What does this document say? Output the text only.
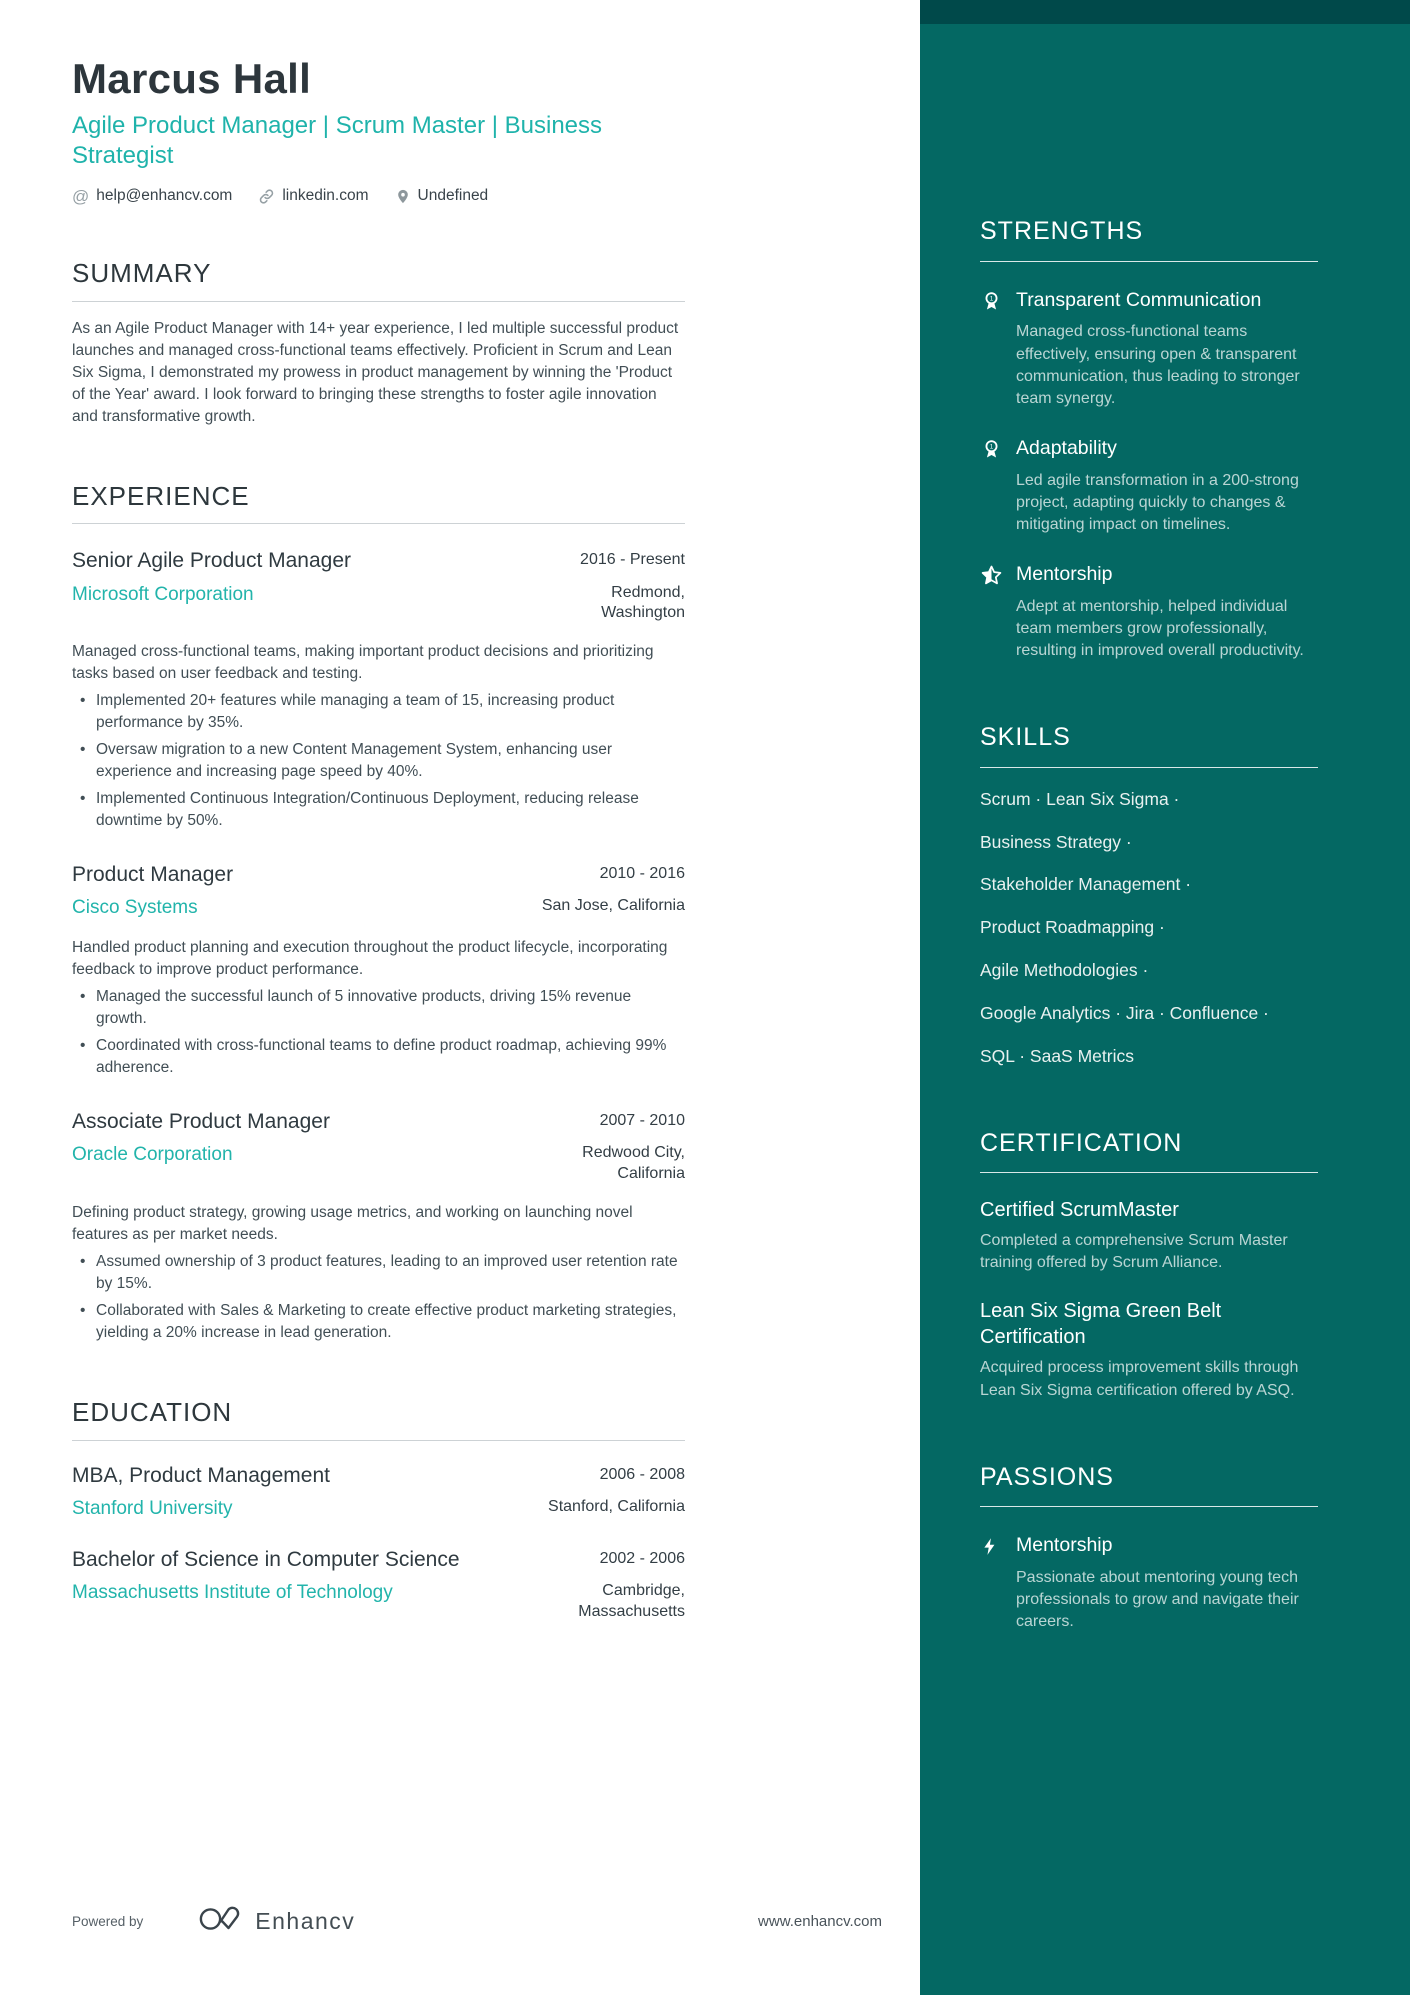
Marcus Hall
Agile Product Manager | Scrum Master | Business Strategist
@ help@enhancv.com	linkedin.com	Undefined
SUMMARY

As an Agile Product Manager with 14+ year experience, I led multiple successful product launches and managed cross-functional teams effectively. Proficient in Scrum and Lean Six Sigma, I demonstrated my prowess in product management by winning the 'Product of the Year' award. I look forward to bringing these strengths to foster agile innovation and transformative growth.

EXPERIENCE
Senior Agile Product Manager	2016 - Present
Microsoft Corporation	Redmond, Washington

Managed cross-functional teams, making important product decisions and prioritizing tasks based on user feedback and testing.

• Implemented 20+ features while managing a team of 15, increasing product performance by 35%.
• Oversaw migration to a new Content Management System, enhancing user experience and increasing page speed by 40%.
• Implemented Continuous Integration/Continuous Deployment, reducing release downtime by 50%.
Product Manager	2010 - 2016
Cisco Systems	San Jose, California

Handled product planning and execution throughout the product lifecycle, incorporating feedback to improve product performance.

• Managed the successful launch of 5 innovative products, driving 15% revenue growth.
• Coordinated with cross-functional teams to define product roadmap, achieving 99% adherence.
Associate Product Manager	2007 - 2010
Oracle Corporation	Redwood City, California

Defining product strategy, growing usage metrics, and working on launching novel features as per market needs.

• Assumed ownership of 3 product features, leading to an improved user retention rate by 15%.
• Collaborated with Sales & Marketing to create effective product marketing strategies, yielding a 20% increase in lead generation.
EDUCATION
MBA, Product Management	2006 - 2008
Stanford University	Stanford, California
Bachelor of Science in Computer Science	2002 - 2006
Massachusetts Institute of Technology	Cambridge, Massachusetts
Powered by	Enhancv	www.enhancv.com
STRENGTHS
1 Transparent Communication
Managed cross-functional teams effectively, ensuring open & transparent communication, thus leading to stronger team synergy.
1 Adaptability
Led agile transformation in a 200-strong project, adapting quickly to changes & mitigating impact on timelines.
Mentorship
Adept at mentorship, helped individual team members grow professionally, resulting in improved overall productivity.
SKILLS
Scrum · Lean Six Sigma ·
Business Strategy ·
Stakeholder Management ·
Product Roadmapping ·
Agile Methodologies ·
Google Analytics · Jira · Confluence ·
SQL · SaaS Metrics
CERTIFICATION
Certified ScrumMaster
Completed a comprehensive Scrum Master training offered by Scrum Alliance.
Lean Six Sigma Green Belt Certification
Acquired process improvement skills through Lean Six Sigma certification offered by ASQ.
PASSIONS
Mentorship
Passionate about mentoring young tech professionals to grow and navigate their careers.
